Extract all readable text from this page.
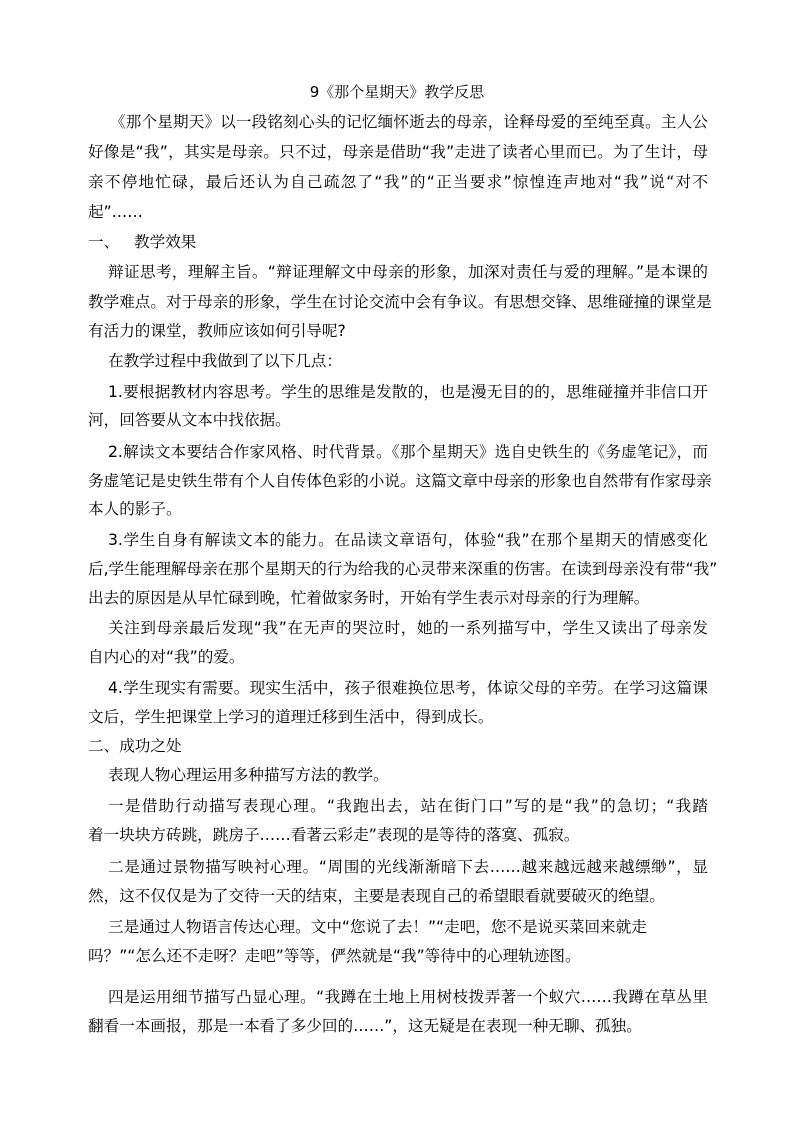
9《那个星期天》教学反思
《那个星期天》以一段铭刻心头的记忆缅怀逝去的母亲，诠释母爱的至纯至真。主人公
好像是“我”，其实是母亲。只不过，母亲是借助“我”走进了读者心里而已。为了生计，母
亲不停地忙碌，最后还认为自己疏忽了“我”的“正当要求”惊惶连声地对“我”说“对不
起”……
一、 教学效果
辩证思考，理解主旨。“辩证理解文中母亲的形象，加深对责任与爱的理解。”是本课的
教学难点。对于母亲的形象，学生在讨论交流中会有争议。有思想交锋、思维碰撞的课堂是
有活力的课堂，教师应该如何引导呢?
在教学过程中我做到了以下几点：
1.要根据教材内容思考。学生的思维是发散的，也是漫无目的的，思维碰撞并非信口开
河，回答要从文本中找依据。
2.解读文本要结合作家风格、时代背景。《那个星期天》选自史铁生的《务虚笔记》，而
务虚笔记是史铁生带有个人自传体色彩的小说。这篇文章中母亲的形象也自然带有作家母亲
本人的影子。
3.学生自身有解读文本的能力。在品读文章语句，体验“我”在那个星期天的情感变化
后,学生能理解母亲在那个星期天的行为给我的心灵带来深重的伤害。在读到母亲没有带“我”
出去的原因是从早忙碌到晚，忙着做家务时，开始有学生表示对母亲的行为理解。
关注到母亲最后发现“我”在无声的哭泣时，她的一系列描写中，学生又读出了母亲发
自内心的对“我”的爱。
4.学生现实有需要。现实生活中，孩子很难换位思考，体谅父母的辛劳。在学习这篇课
文后，学生把课堂上学习的道理迁移到生活中，得到成长。
二、成功之处
表现人物心理运用多种描写方法的教学。
一是借助行动描写表现心理。“我跑出去，站在街门口”写的是“我”的急切；“我踏
着一块块方砖跳，跳房子……看著云彩走”表现的是等待的落寞、孤寂。
二是通过景物描写映衬心理。“周围的光线渐渐暗下去……越来越远越来越缥缈”，显
然，这不仅仅是为了交待一天的结束，主要是表现自己的希望眼看就要破灭的绝望。
三是通过人物语言传达心理。文中“您说了去！”“走吧，您不是说买菜回来就走
吗？”“怎么还不走呀？走吧”等等，俨然就是“我”等待中的心理轨迹图。
四是运用细节描写凸显心理。“我蹲在土地上用树枝拨弄著一个蚁穴……我蹲在草丛里
翻看一本画报，那是一本看了多少回的……”，这无疑是在表现一种无聊、孤独。
